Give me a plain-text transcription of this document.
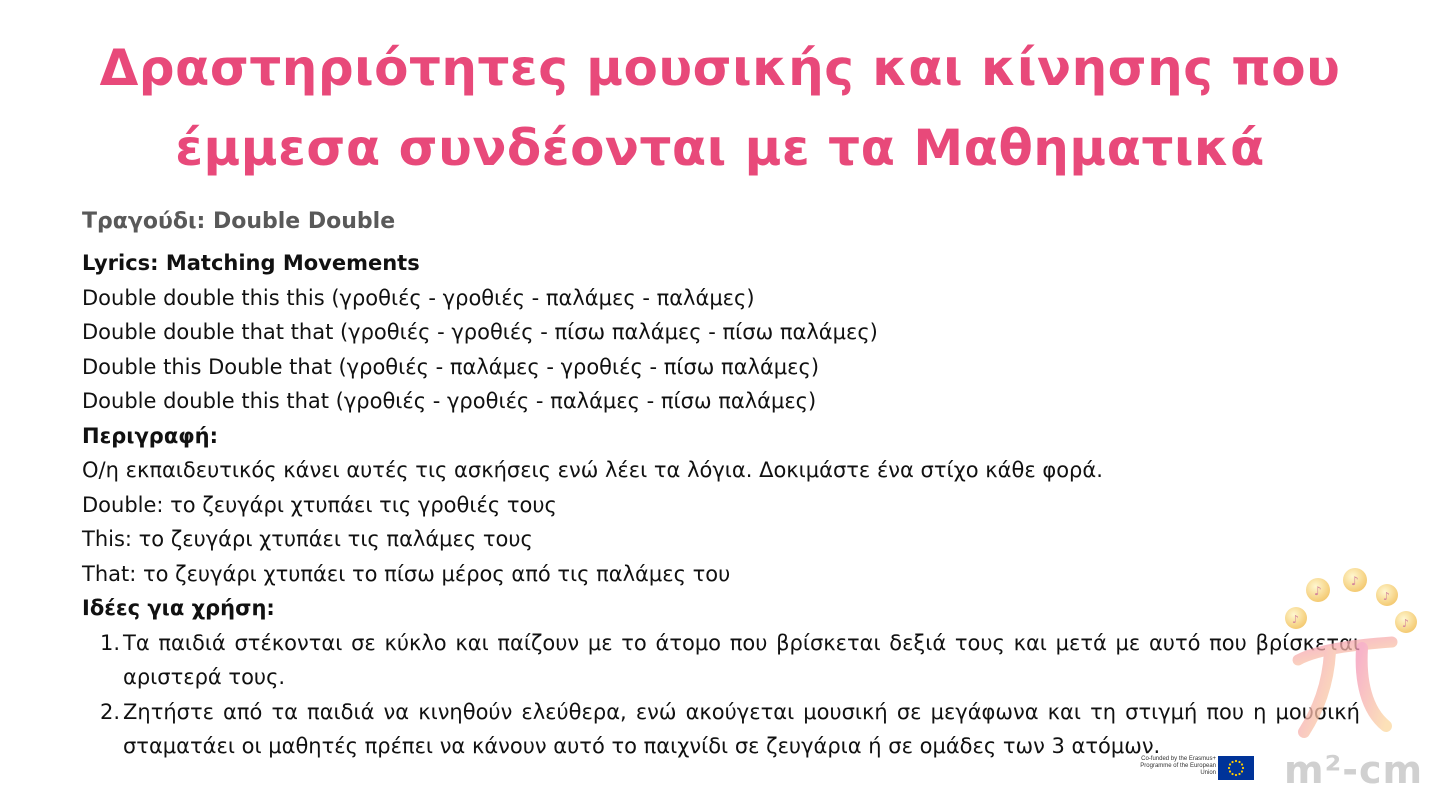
Δραστηριότητες μουσικής και κίνησης που
έμμεσα συνδέονται με τα Μαθηματικά
Τραγούδι: Double Double
Lyrics: Matching Movements
Double double this this (γροθιές - γροθιές - παλάμες - παλάμες)
Double double that that (γροθιές - γροθιές - πίσω παλάμες - πίσω παλάμες)
Double this Double that (γροθιές - παλάμες - γροθιές - πίσω παλάμες)
Double double this that (γροθιές - γροθιές - παλάμες - πίσω παλάμες)
Περιγραφή:
Ο/η εκπαιδευτικός κάνει αυτές τις ασκήσεις ενώ λέει τα λόγια. Δοκιμάστε ένα στίχο κάθε φορά.
Double: το ζευγάρι χτυπάει τις γροθιές τους
This: το ζευγάρι χτυπάει τις παλάμες τους
That: το ζευγάρι χτυπάει το πίσω μέρος από τις παλάμες του
Ιδέες για χρήση:
1. Τα παιδιά στέκονται σε κύκλο και παίζουν με το άτομο που βρίσκεται δεξιά τους και μετά με αυτό που βρίσκεται αριστερά τους.
2. Ζητήστε από τα παιδιά να κινηθούν ελεύθερα, ενώ ακούγεται μουσική σε μεγάφωνα και τη στιγμή που η μουσική σταματάει οι μαθητές πρέπει να κάνουν αυτό το παιχνίδι σε ζευγάρια ή σε ομάδες των 3 ατόμων.
♪
♪
♪
♪
♪
Co-funded by the Erasmus+ Programme of the European Union m²-cm
